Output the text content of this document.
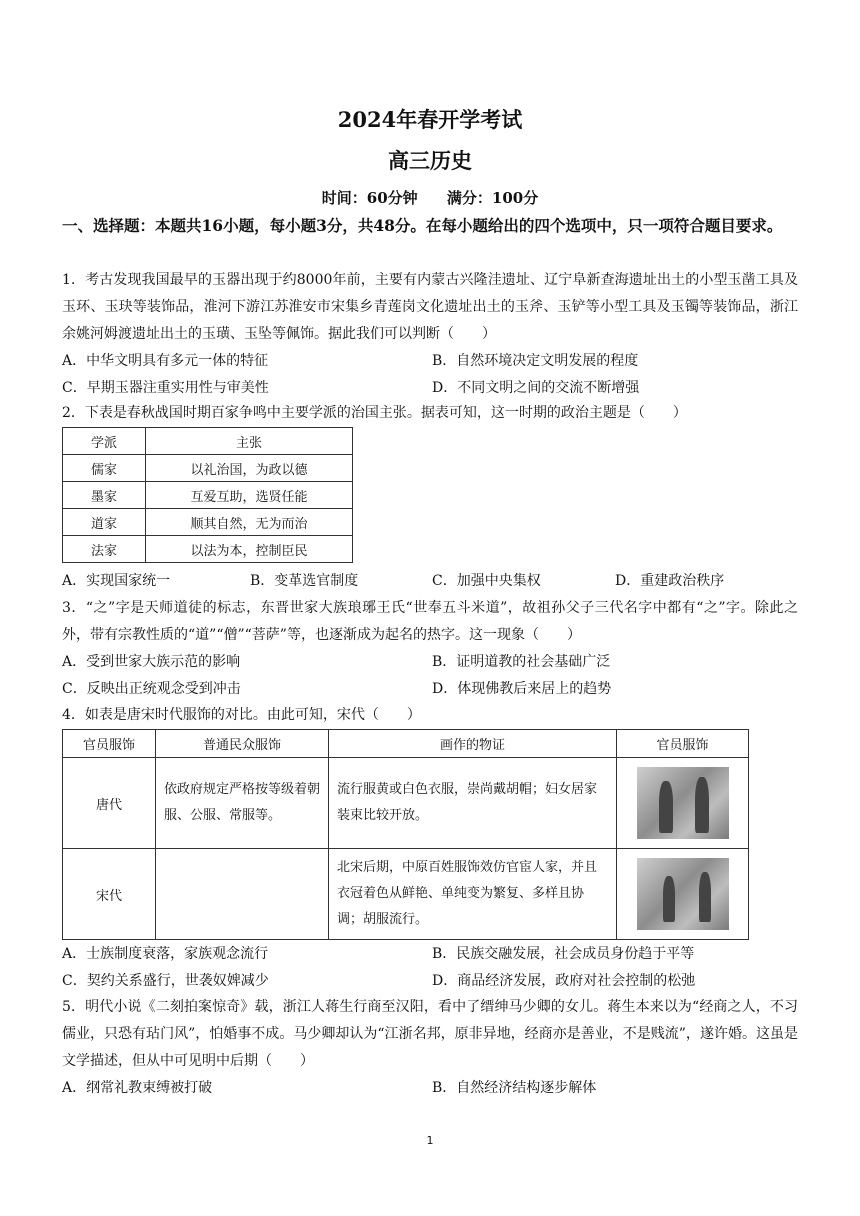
2024年春开学考试
高三历史
时间：60分钟 满分：100分
一、选择题：本题共16小题，每小题3分，共48分。在每小题给出的四个选项中，只一项符合题目要求。
1．考古发现我国最早的玉器出现于约8000年前，主要有内蒙古兴隆洼遗址、辽宁阜新查海遗址出土的小型玉凿工具及玉环、玉玦等装饰品，淮河下游江苏淮安市宋集乡青莲岗文化遗址出土的玉斧、玉铲等小型工具及玉镯等装饰品，浙江余姚河姆渡遗址出土的玉璜、玉坠等佩饰。据此我们可以判断（　　）
A．中华文明具有多元一体的特征	B．自然环境决定文明发展的程度
C．早期玉器注重实用性与审美性	D．不同文明之间的交流不断增强
2．下表是春秋战国时期百家争鸣中主要学派的治国主张。据表可知，这一时期的政治主题是（　　）
学派	主张
儒家	以礼治国，为政以德
墨家	互爱互助，选贤任能
道家	顺其自然，无为而治
法家	以法为本，控制臣民
A．实现国家统一	B．变革选官制度	C．加强中央集权	D．重建政治秩序
3．“之”字是天师道徒的标志，东晋世家大族琅琊王氏“世奉五斗米道”，故祖孙父子三代名字中都有“之”字。除此之外，带有宗教性质的“道”“僧”“菩萨”等，也逐渐成为起名的热字。这一现象（　　）
A．受到世家大族示范的影响	B．证明道教的社会基础广泛
C．反映出正统观念受到冲击	D．体现佛教后来居上的趋势
4．如表是唐宋时代服饰的对比。由此可知，宋代（　　）
官员服饰	普通民众服饰	画作的物证	官员服饰
唐代	依政府规定严格按等级着朝服、公服、常服等。	流行服黄或白色衣服，崇尚戴胡帽；妇女居家装束比较开放。	

宋代		北宋后期，中原百姓服饰效仿官宦人家，并且衣冠着色从鲜艳、单纯变为繁复、多样且协调；胡服流行。	
A．士族制度衰落，家族观念流行	B．民族交融发展，社会成员身份趋于平等
C．契约关系盛行，世袭奴婢减少	D．商品经济发展，政府对社会控制的松弛
5．明代小说《二刻拍案惊奇》载，浙江人蒋生行商至汉阳，看中了缙绅马少卿的女儿。蒋生本来以为“经商之人，不习儒业，只恐有玷门风”，怕婚事不成。马少卿却认为“江浙名邦，原非异地，经商亦是善业，不是贱流”，遂许婚。这虽是文学描述，但从中可见明中后期（　　）
A．纲常礼教束缚被打破	B．自然经济结构逐步解体
1
